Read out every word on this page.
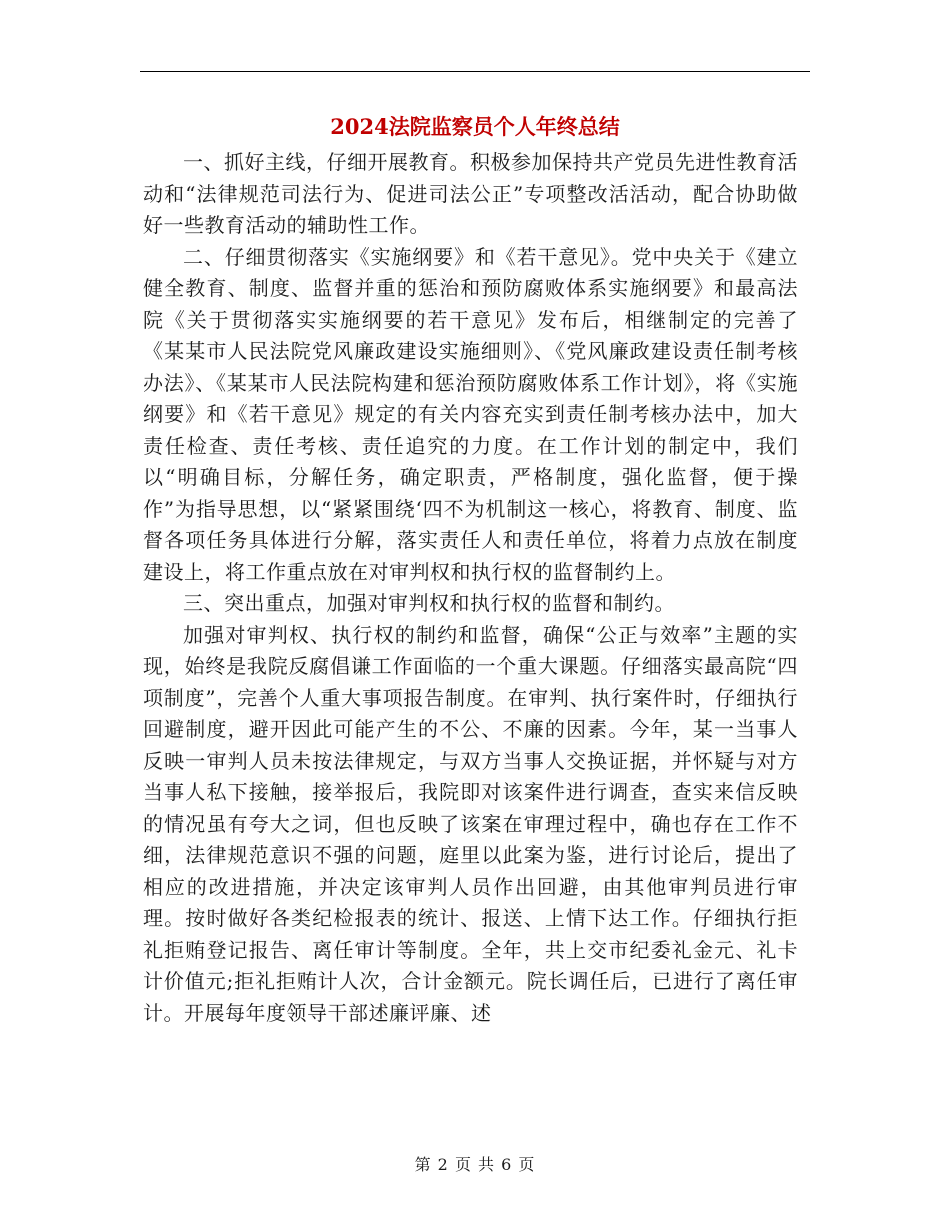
2024法院监察员个人年终总结

一、抓好主线，仔细开展教育。积极参加保持共产党员先进性教育活动和“法律规范司法行为、促进司法公正”专项整改活活动，配合协助做好一些教育活动的辅助性工作。

二、仔细贯彻落实《实施纲要》和《若干意见》。党中央关于《建立健全教育、制度、监督并重的惩治和预防腐败体系实施纲要》和最高法院《关于贯彻落实实施纲要的若干意见》发布后，相继制定的完善了《某某市人民法院党风廉政建设实施细则》、《党风廉政建设责任制考核办法》、《某某市人民法院构建和惩治预防腐败体系工作计划》，将《实施纲要》和《若干意见》规定的有关内容充实到责任制考核办法中，加大责任检查、责任考核、责任追究的力度。在工作计划的制定中，我们以“明确目标，分解任务，确定职责，严格制度，强化监督，便于操作”为指导思想，以“紧紧围绕‘四不为机制这一核心，将教育、制度、监督各项任务具体进行分解，落实责任人和责任单位，将着力点放在制度建设上，将工作重点放在对审判权和执行权的监督制约上。

三、突出重点，加强对审判权和执行权的监督和制约。

加强对审判权、执行权的制约和监督，确保“公正与效率”主题的实现，始终是我院反腐倡谦工作面临的一个重大课题。仔细落实最高院“四项制度”，完善个人重大事项报告制度。在审判、执行案件时，仔细执行回避制度，避开因此可能产生的不公、不廉的因素。今年，某一当事人反映一审判人员未按法律规定，与双方当事人交换证据，并怀疑与对方当事人私下接触，接举报后，我院即对该案件进行调查，查实来信反映的情况虽有夸大之词，但也反映了该案在审理过程中，确也存在工作不细，法律规范意识不强的问题，庭里以此案为鉴，进行讨论后，提出了相应的改进措施，并决定该审判人员作出回避，由其他审判员进行审理。按时做好各类纪检报表的统计、报送、上情下达工作。仔细执行拒礼拒贿登记报告、离任审计等制度。全年，共上交市纪委礼金元、礼卡计价值元;拒礼拒贿计人次，合计金额元。院长调任后，已进行了离任审计。开展每年度领导干部述廉评廉、述

第 2 页 共 6 页
